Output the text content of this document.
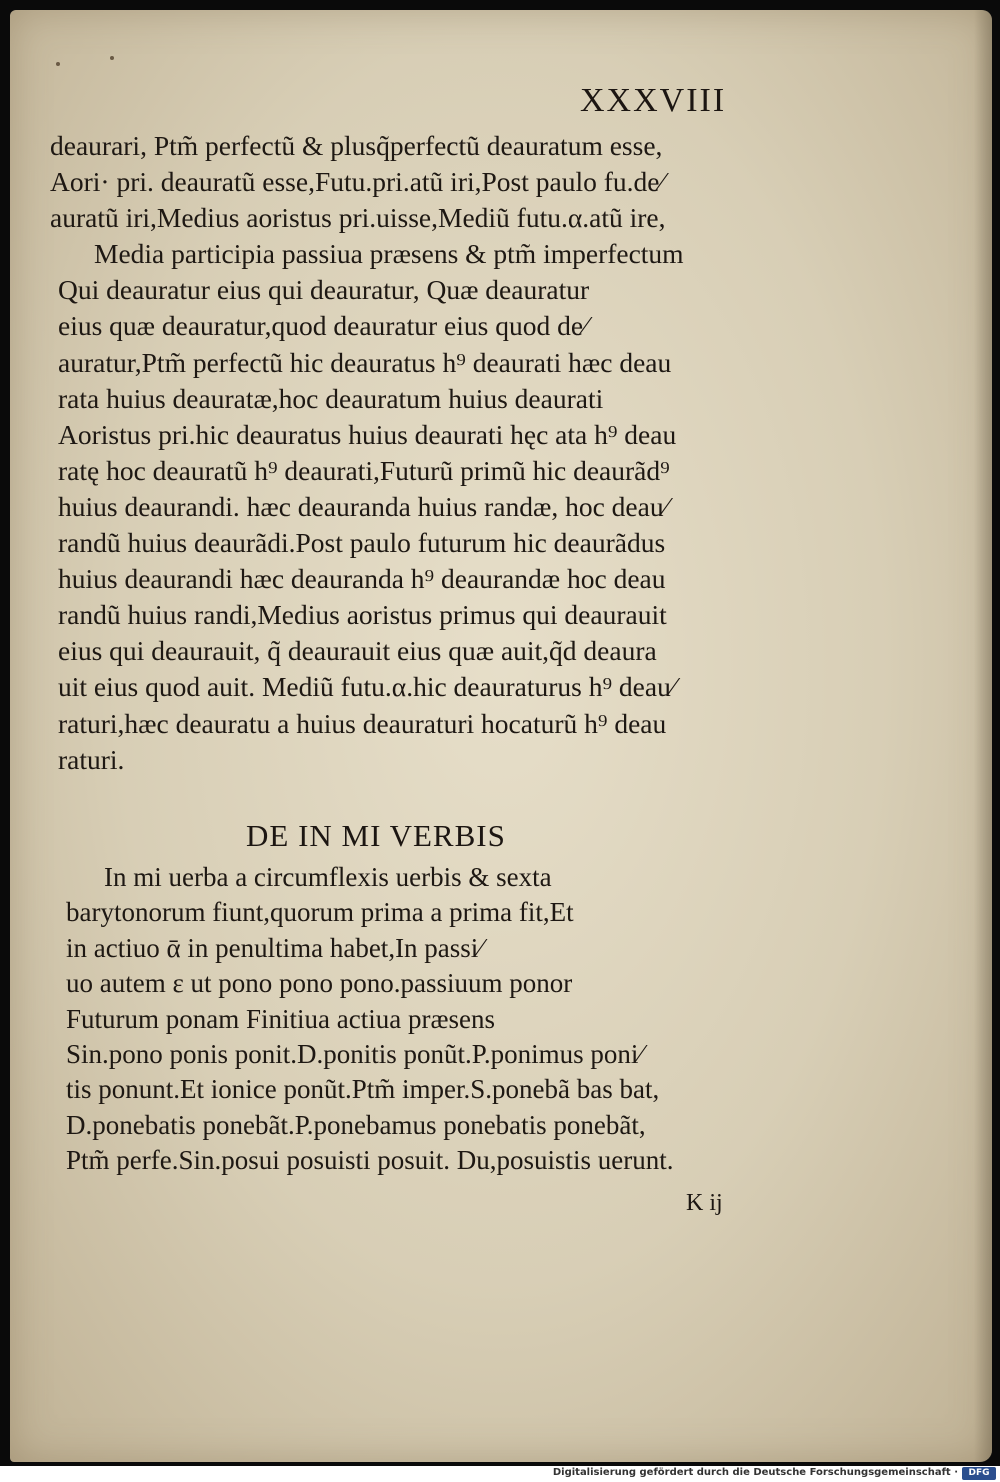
XXXVIII
deaurari, Ptm̃ perfectũ & plusq̃perfectũ deauratum esse,
Aori· pri. deauratũ esse,Futu.pri.atũ iri,Post paulo fu.de⁄
auratũ iri,Medius aoristus pri.uisse,Mediũ futu.α.atũ ire,
Media participia passiua præsens & ptm̃ imperfectum
Qui deauratur eius qui deauratur, Quæ deauratur
eius quæ deauratur,quod deauratur eius quod de⁄
auratur,Ptm̃ perfectũ hic deauratus h⁹ deaurati hæc deau
rata huius deauratæ,hoc deauratum huius deaurati
Aoristus pri.hic deauratus huius deaurati hęc ata h⁹ deau
ratę hoc deauratũ h⁹ deaurati,Futurũ primũ hic deaurãd⁹
huius deaurandi. hæc deauranda huius randæ, hoc deau⁄
randũ huius deaurãdi.Post paulo futurum hic deaurãdus
huius deaurandi hæc deauranda h⁹ deaurandæ hoc deau
randũ huius randi,Medius aoristus primus qui deaurauit
eius qui deaurauit, q̃ deaurauit eius quæ auit,q̃d deaura
uit eius quod auit. Mediũ futu.α.hic deauraturus h⁹ deau⁄
raturi,hæc deauratu a huius deauraturi hocaturũ h⁹ deau
raturi.
DE IN MI VERBIS
In mi uerba a circumflexis uerbis & sexta
barytonorum fiunt,quorum prima a prima fit,Et
in actiuo ᾱ in penultima habet,In passi⁄
uo autem ε ut pono pono pono.passiuum ponor
Futurum ponam Finitiua actiua præsens
Sin.pono ponis ponit.D.ponitis ponũt.P.ponimus poni⁄
tis ponunt.Et ionice ponũt.Ptm̃ imper.S.ponebã bas bat,
D.ponebatis ponebãt.P.ponebamus ponebatis ponebãt,
Ptm̃ perfe.Sin.posui posuisti posuit. Du,posuistis uerunt.
K ij
Digitalisierung gefördert durch die Deutsche Forschungsgemeinschaft ·	DFG
